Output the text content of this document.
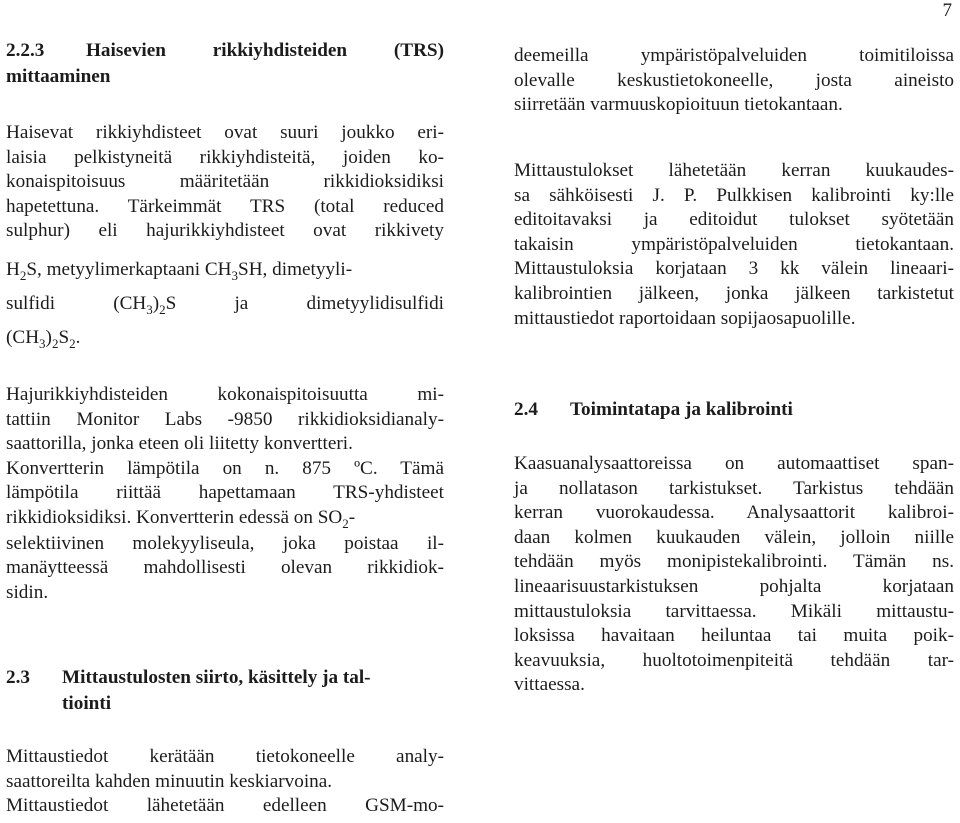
7
2.2.3	Haisevien rikkiyhdisteiden (TRS)
mittaaminen
Haisevat rikkiyhdisteet ovat suuri joukko eri-
laisia pelkistyneitä rikkiyhdisteitä, joiden ko-
konaispitoisuus määritetään rikkidioksidiksi
hapetettuna. Tärkeimmät TRS (total reduced
sulphur) eli hajurikkiyhdisteet ovat rikkivety
$H_2S$, metyylimerkaptaani $CH_3SH$, dimetyyli-
sulfidi	$(CH_3)_2S$	ja	dimetyylidisulfidi
$(CH_3)_2S_2$.
Hajurikkiyhdisteiden kokonaispitoisuutta mi-
tattiin Monitor Labs -9850 rikkidioksidianaly-
saattorilla, jonka eteen oli liitetty konvertteri.
Konvertterin lämpötila on n. 875 ºC. Tämä
lämpötila riittää hapettamaan TRS-yhdisteet
rikkidioksidiksi. Konvertterin edessä on $SO_2-$
selektiivinen molekyyliseula, joka poistaa il-
manäytteessä mahdollisesti olevan rikkidiok-
sidin.
2.3	Mittaustulosten siirto, käsittely ja tal-
tiointi
Mittaustiedot kerätään tietokoneelle analy-
saattoreilta kahden minuutin keskiarvoina.
Mittaustiedot lähetetään edelleen GSM-mo-
deemeilla ympäristöpalveluiden toimitiloissa
olevalle keskustietokoneelle, josta aineisto
siirretään varmuuskopioituun tietokantaan.
Mittaustulokset lähetetään kerran kuukaudes-
sa sähköisesti J. P. Pulkkisen kalibrointi ky:lle
editoitavaksi ja editoidut tulokset syötetään
takaisin ympäristöpalveluiden tietokantaan.
Mittaustuloksia korjataan 3 kk välein lineaari-
kalibrointien jälkeen, jonka jälkeen tarkistetut
mittaustiedot raportoidaan sopijaosapuolille.
2.4 Toimintatapa ja kalibrointi
Kaasuanalysaattoreissa on automaattiset span-
ja nollatason tarkistukset. Tarkistus tehdään
kerran vuorokaudessa. Analysaattorit kalibroi-
daan kolmen kuukauden välein, jolloin niille
tehdään myös monipistekalibrointi. Tämän ns.
lineaarisuustarkistuksen pohjalta korjataan
mittaustuloksia tarvittaessa. Mikäli mittaustu-
loksissa havaitaan heiluntaa tai muita poik-
keavuuksia, huoltotoimenpiteitä tehdään tar-
vittaessa.
